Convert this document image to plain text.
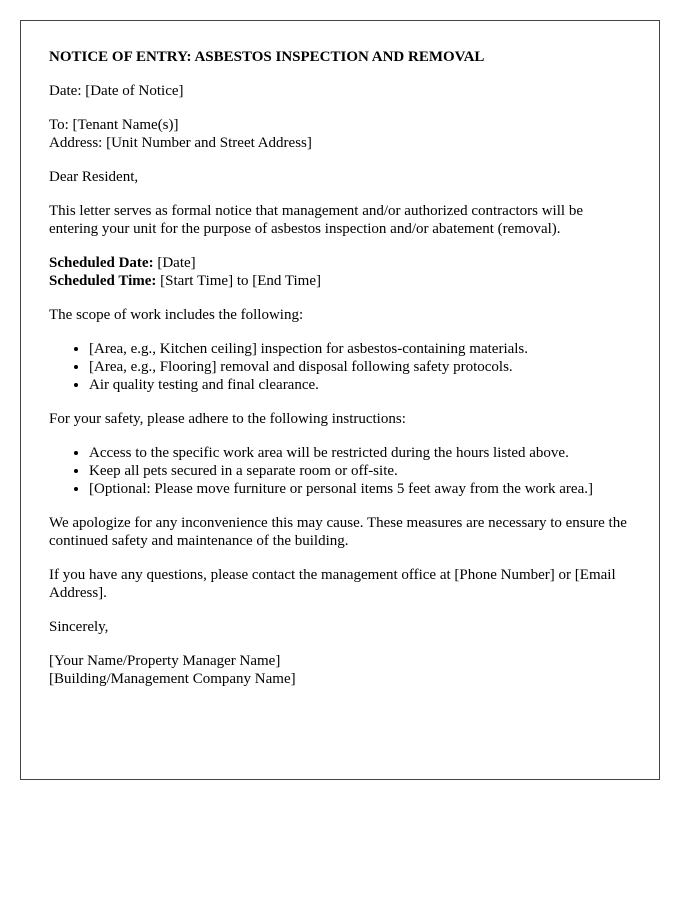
NOTICE OF ENTRY: ASBESTOS INSPECTION AND REMOVAL

Date: [Date of Notice]

To: [Tenant Name(s)]
Address: [Unit Number and Street Address]

Dear Resident,

This letter serves as formal notice that management and/or authorized contractors will be entering your unit for the purpose of asbestos inspection and/or abatement (removal).

Scheduled Date: [Date]
Scheduled Time: [Start Time] to [End Time]

The scope of work includes the following:

• [Area, e.g., Kitchen ceiling] inspection for asbestos-containing materials.
• [Area, e.g., Flooring] removal and disposal following safety protocols.
• Air quality testing and final clearance.

For your safety, please adhere to the following instructions:

• Access to the specific work area will be restricted during the hours listed above.
• Keep all pets secured in a separate room or off-site.
• [Optional: Please move furniture or personal items 5 feet away from the work area.]

We apologize for any inconvenience this may cause. These measures are necessary to ensure the continued safety and maintenance of the building.

If you have any questions, please contact the management office at [Phone Number] or [Email Address].

Sincerely,

[Your Name/Property Manager Name]
[Building/Management Company Name]
